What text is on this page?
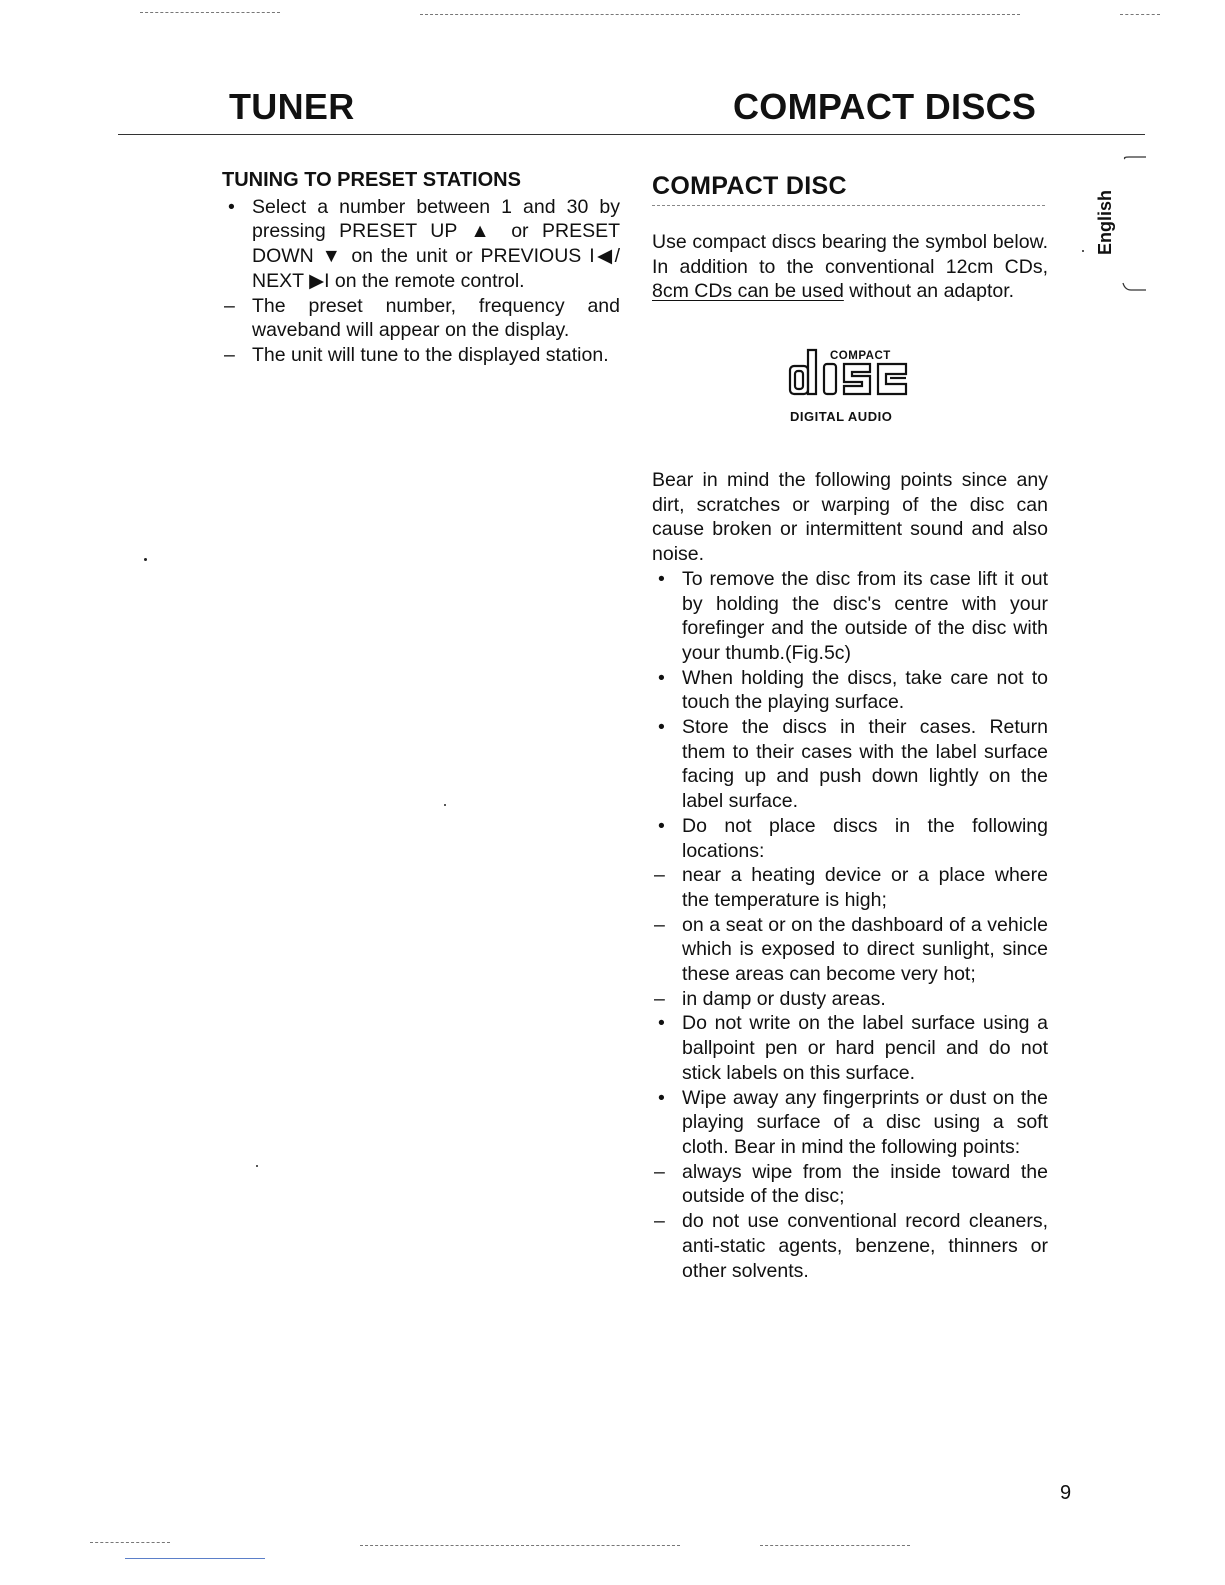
TUNER	COMPACT DISCS
English
TUNING TO PRESET STATIONS
• Select a number between 1 and 30 by pressing PRESET UP ▲ or PRESET DOWN ▼ on the unit or PREVIOUS I◀/ NEXT ▶I on the remote control.
– The preset number, frequency and waveband will appear on the display.
– The unit will tune to the displayed station.
COMPACT DISC
Use compact discs bearing the symbol below. In addition to the conventional 12cm CDs, 8cm CDs can be used without an adaptor.
COMPACT
DIGITAL AUDIO

Bear in mind the following points since any dirt, scratches or warping of the disc can cause broken or intermittent sound and also noise.

• To remove the disc from its case lift it out by holding the disc's centre with your forefinger and the outside of the disc with your thumb.(Fig.5c)
• When holding the discs, take care not to touch the playing surface.
• Store the discs in their cases. Return them to their cases with the label surface facing up and push down lightly on the label surface.
• Do not place discs in the following locations:
– near a heating device or a place where the temperature is high;
– on a seat or on the dashboard of a vehicle which is exposed to direct sunlight, since these areas can become very hot;
– in damp or dusty areas.
• Do not write on the label surface using a ballpoint pen or hard pencil and do not stick labels on this surface.
• Wipe away any fingerprints or dust on the playing surface of a disc using a soft cloth. Bear in mind the following points:
– always wipe from the inside toward the outside of the disc;
– do not use conventional record cleaners, anti-static agents, benzene, thinners or other solvents.
9
